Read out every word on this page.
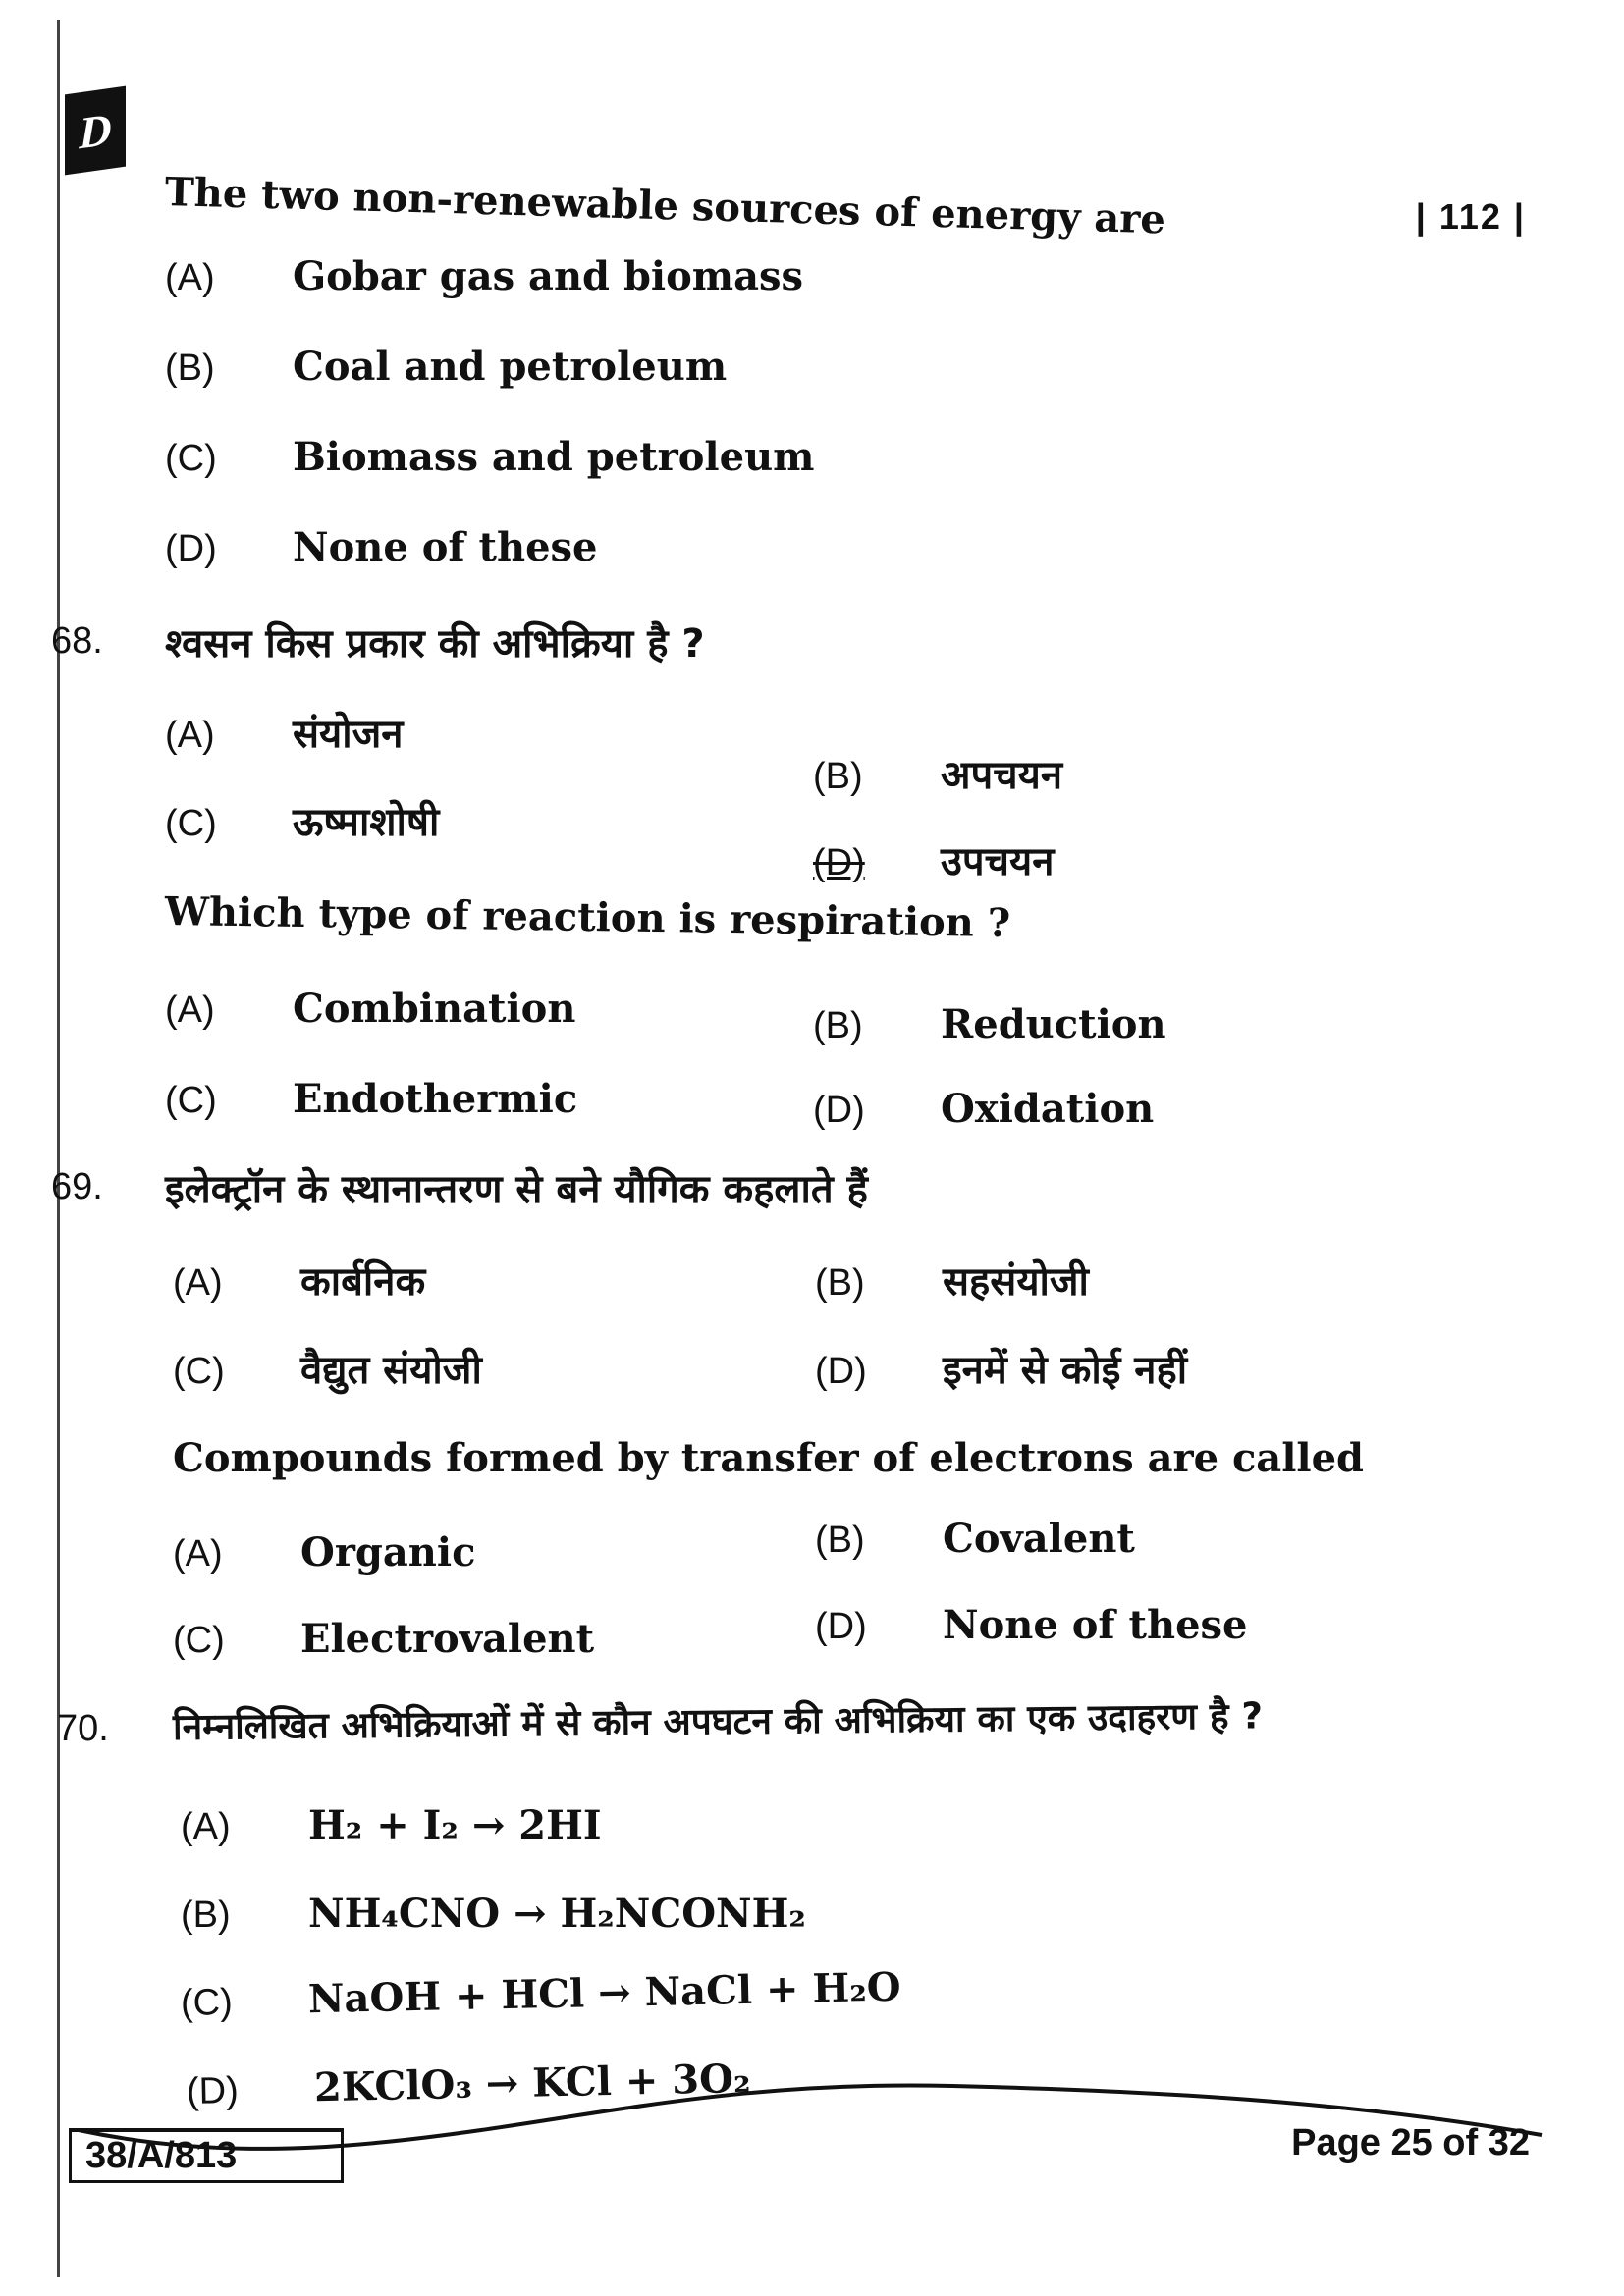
D
| 112 |
The two non-renewable sources of energy are
(A) Gobar gas and biomass
(B) Coal and petroleum
(C) Biomass and petroleum
(D) None of these
68. श्वसन किस प्रकार की अभिक्रिया है ?
(A) संयोजन
(B) अपचयन
(C) ऊष्माशोषी
(D) उपचयन
Which type of reaction is respiration ?
(A) Combination	(B) Reduction
(C) Endothermic	(D) Oxidation
69. इलेक्ट्रॉन के स्थानान्तरण से बने यौगिक कहलाते हैं
(A) कार्बनिक	(B) सहसंयोजी
(C) वैद्युत संयोजी	(D) इनमें से कोई नहीं
Compounds formed by transfer of electrons are called
(A) Organic	(B) Covalent
(C) Electrovalent	(D) None of these
70. निम्नलिखित अभिक्रियाओं में से कौन अपघटन की अभिक्रिया का एक उदाहरण है ?
(A) H₂ + I₂ → 2HI
(B) NH₄CNO → H₂NCONH₂
(C) NaOH + HCl → NaCl + H₂O
(D) 2KClO₃ → KCl + 3O₂
38/A/813	Page 25 of 32
